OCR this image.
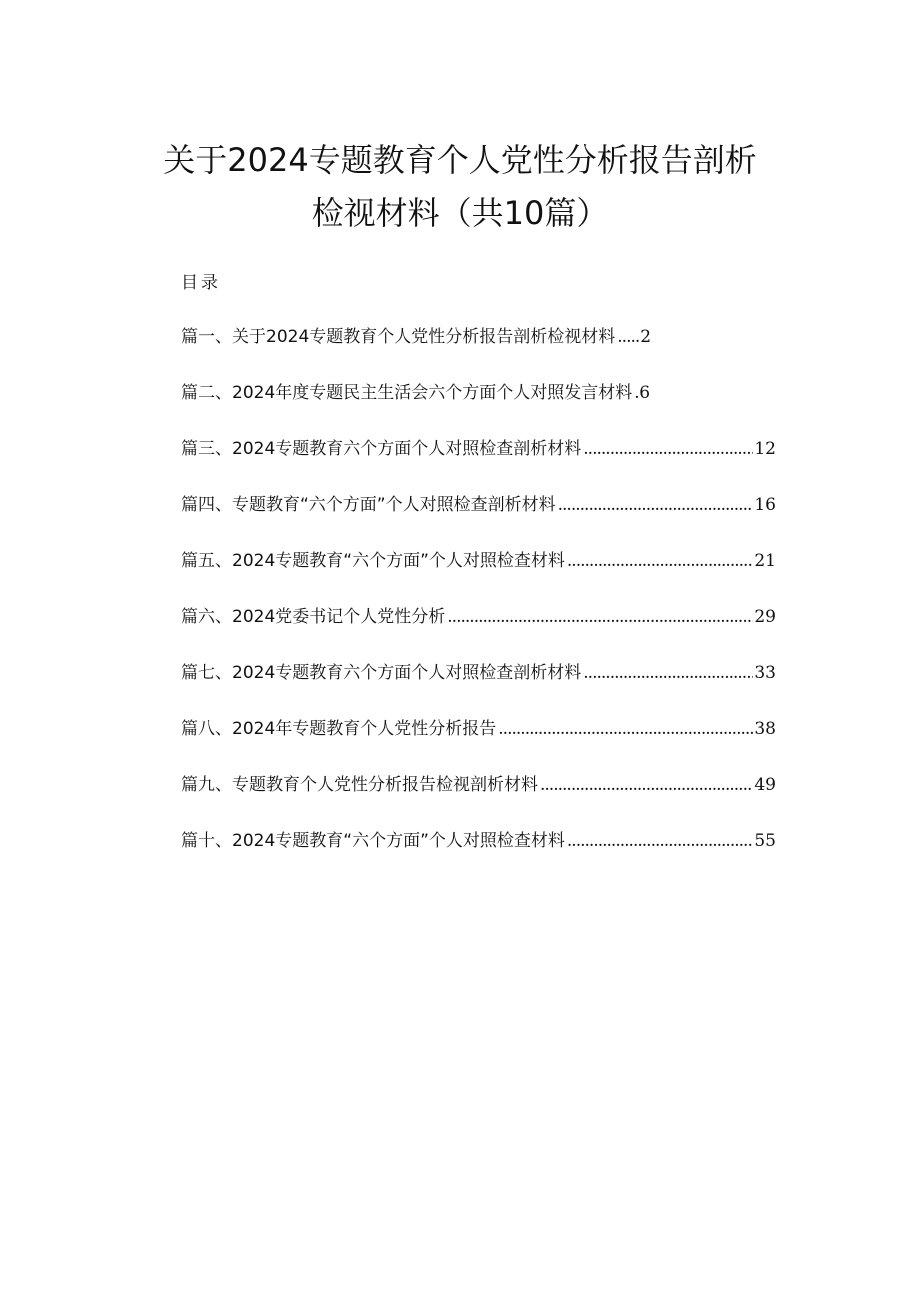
关于2024专题教育个人党性分析报告剖析
检视材料（共10篇）
目录
篇一、关于2024专题教育个人党性分析报告剖析检视材料 ..... 2
篇二、2024年度专题民主生活会六个方面个人对照发言材料 ..... 6
篇三、2024专题教育六个方面个人对照检查剖析材料 .....	12
篇四、专题教育“六个方面”个人对照检查剖析材料 .....	16
篇五、2024专题教育“六个方面”个人对照检查材料 .....	21
篇六、2024党委书记个人党性分析 .....	29
篇七、2024专题教育六个方面个人对照检查剖析材料 .....	33
篇八、2024年专题教育个人党性分析报告 .....	38
篇九、专题教育个人党性分析报告检视剖析材料 .....	49
篇十、2024专题教育“六个方面”个人对照检查材料 .....	55
